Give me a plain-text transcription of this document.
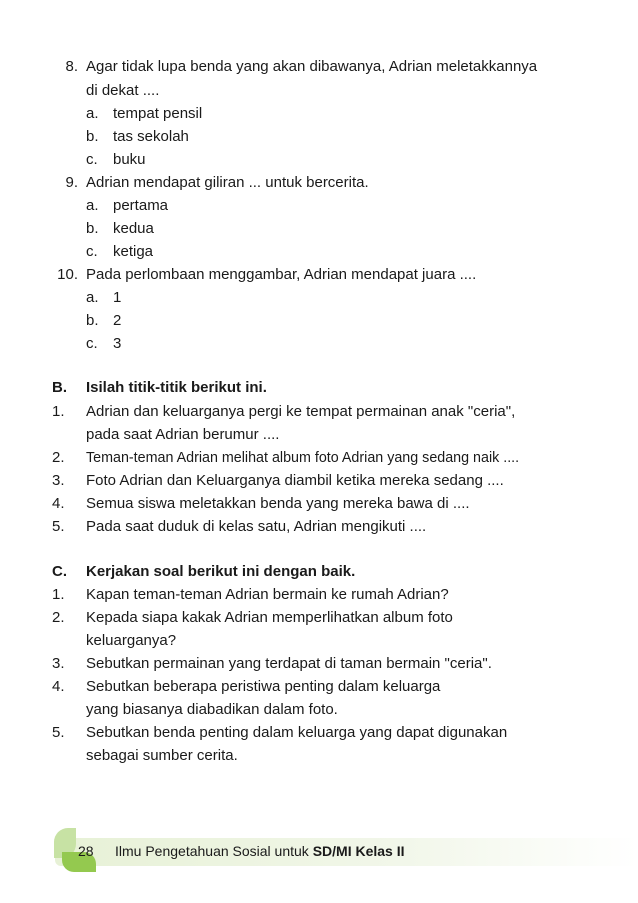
8. Agar tidak lupa benda yang akan dibawanya, Adrian meletakkannya
di dekat ....
a. tempat pensil
b. tas sekolah
c. buku
9. Adrian mendapat giliran ... untuk bercerita.
a. pertama
b. kedua
c. ketiga
10. Pada perlombaan menggambar, Adrian mendapat juara ....
a. 1
b. 2
c. 3
B. Isilah titik-titik berikut ini.
1. Adrian dan keluarganya pergi ke tempat permainan anak "ceria",
pada saat Adrian berumur ....
2. Teman-teman Adrian melihat album foto Adrian yang sedang naik ....
3. Foto Adrian dan Keluarganya diambil ketika mereka sedang ....
4. Semua siswa meletakkan benda yang mereka bawa di ....
5. Pada saat duduk di kelas satu, Adrian mengikuti ....
C. Kerjakan soal berikut ini dengan baik.
1. Kapan teman-teman Adrian bermain ke rumah Adrian?
2. Kepada siapa kakak Adrian memperlihatkan album foto
keluarganya?
3. Sebutkan permainan yang terdapat di taman bermain "ceria".
4. Sebutkan beberapa peristiwa penting dalam keluarga
yang biasanya diabadikan dalam foto.
5. Sebutkan benda penting dalam keluarga yang dapat digunakan
sebagai sumber cerita.
28 Ilmu Pengetahuan Sosial untuk SD/MI Kelas II
